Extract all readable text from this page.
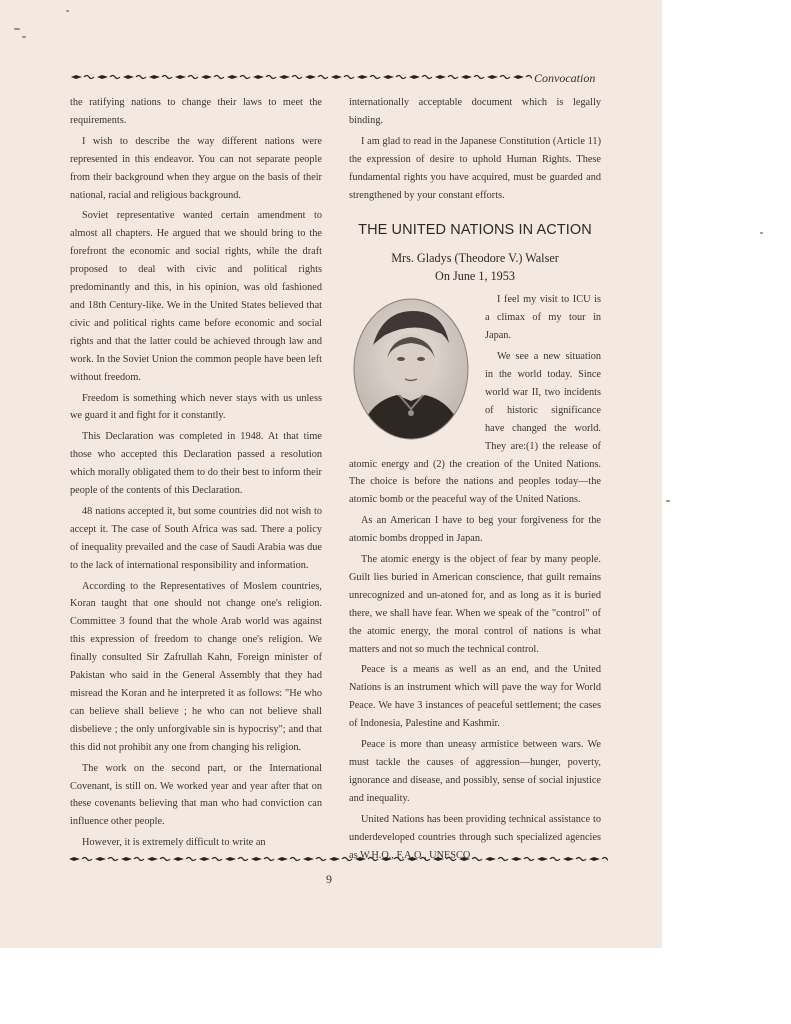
Convocation

the ratifying nations to change their laws to meet the requirements.

I wish to describe the way different nations were represented in this endeavor. You can not separate people from their background when they argue on the basis of their national, racial and religious background.

Soviet representative wanted certain amendment to almost all chapters. He argued that we should bring to the forefront the economic and social rights, while the draft proposed to deal with civic and political rights predominantly and this, in his opinion, was old fashioned and 18th Century-like. We in the United States believed that civic and political rights came before economic and social rights and that the latter could be achieved through law and work. In the Soviet Union the common people have been left without freedom.

Freedom is something which never stays with us unless we guard it and fight for it constantly.

This Declaration was completed in 1948. At that time those who accepted this Declaration passed a resolution which morally obligated them to do their best to inform their people of the contents of this Declaration.

48 nations accepted it, but some countries did not wish to accept it. The case of South Africa was sad. There a policy of inequality prevailed and the case of Saudi Arabia was due to the lack of international responsibility and information.

According to the Representatives of Moslem countries, Koran taught that one should not change one's religion. Committee 3 found that the whole Arab world was against this expression of freedom to change one's religion. We finally consulted Sir Zafrullah Kahn, Foreign minister of Pakistan who said in the General Assembly that they had misread the Koran and he interpreted it as follows: "He who can believe shall believe ; he who can not believe shall disbelieve ; the only unforgivable sin is hypocrisy"; and that this did not prohibit any one from changing his religion.

The work on the second part, or the International Covenant, is still on. We worked year and year after that on these covenants believing that man who had conviction can influence other people.

However, it is extremely difficult to write an

internationally acceptable document which is legally binding.

I am glad to read in the Japanese Constitution (Article 11) the expression of desire to uphold Human Rights. These fundamental rights you have acquired, must be guarded and strengthened by your constant efforts.

THE UNITED NATIONS IN ACTION
Mrs. Gladys (Theodore V.) Walser
On June 1, 1953

I feel my visit to ICU is a climax of my tour in Japan.

We see a new situation in the world today. Since world war II, two incidents of historic significance have changed the world. They are:(1) the release of atomic energy and (2) the creation of the United Nations. The choice is before the nations and peoples today—the atomic bomb or the peaceful way of the United Nations.

As an American I have to beg your forgiveness for the atomic bombs dropped in Japan.

The atomic energy is the object of fear by many people. Guilt lies buried in American conscience, that guilt remains unrecognized and un-atoned for, and as long as it is buried there, we shall have fear. When we speak of the "control" of the atomic energy, the moral control of nations is what matters and not so much the technical control.

Peace is a means as well as an end, and the United Nations is an instrument which will pave the way for World Peace. We have 3 instances of peaceful settlement; the cases of Indonesia, Palestine and Kashmir.

Peace is more than uneasy armistice between wars. We must tackle the causes of aggression—hunger, poverty, ignorance and disease, and possibly, sense of social injustice and inequality.

United Nations has been providing technical assistance to underdeveloped countries through such specialized agencies

9
